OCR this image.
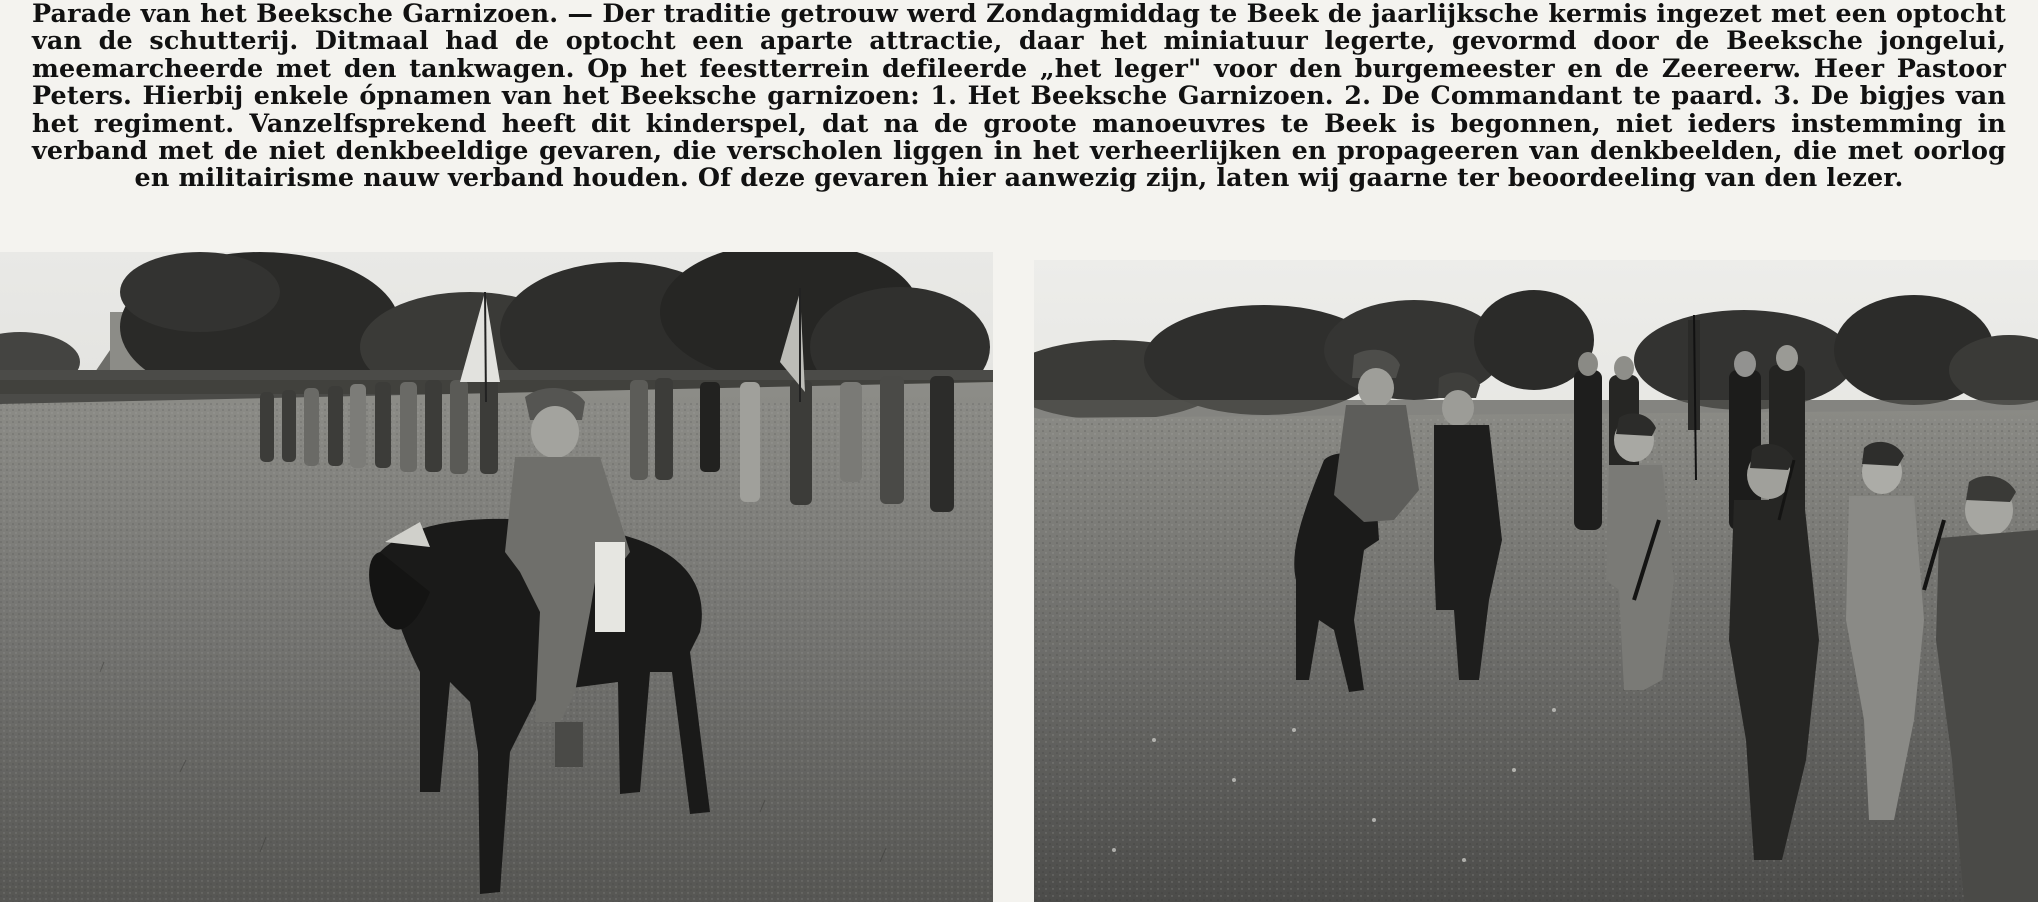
Parade van het Beeksche Garnizoen. — Der traditie getrouw werd Zondagmiddag te Beek de jaarlijksche kermis ingezet met een optocht van de schutterij. Ditmaal had de optocht een aparte attractie, daar het miniatuur legerte, gevormd door de Beeksche jongelui, meemarcheerde met den tankwagen. Op het feestterrein defileerde „het leger" voor den burgemeester en de Zeereerw. Heer Pastoor Peters. Hierbij enkele ópnamen van het Beeksche garnizoen: 1. Het Beeksche Garnizoen. 2. De Commandant te paard. 3. De bigjes van het regiment. Vanzelfsprekend heeft dit kinderspel, dat na de groote manoeuvres te Beek is begonnen, niet ieders instemming in verband met de niet denkbeeldige gevaren, die verscholen liggen in het verheerlijken en propageeren van denkbeelden, die met oorlog en militairisme nauw verband houden. Of deze gevaren hier aanwezig zijn, laten wij gaarne ter beoordeeling van den lezer.
